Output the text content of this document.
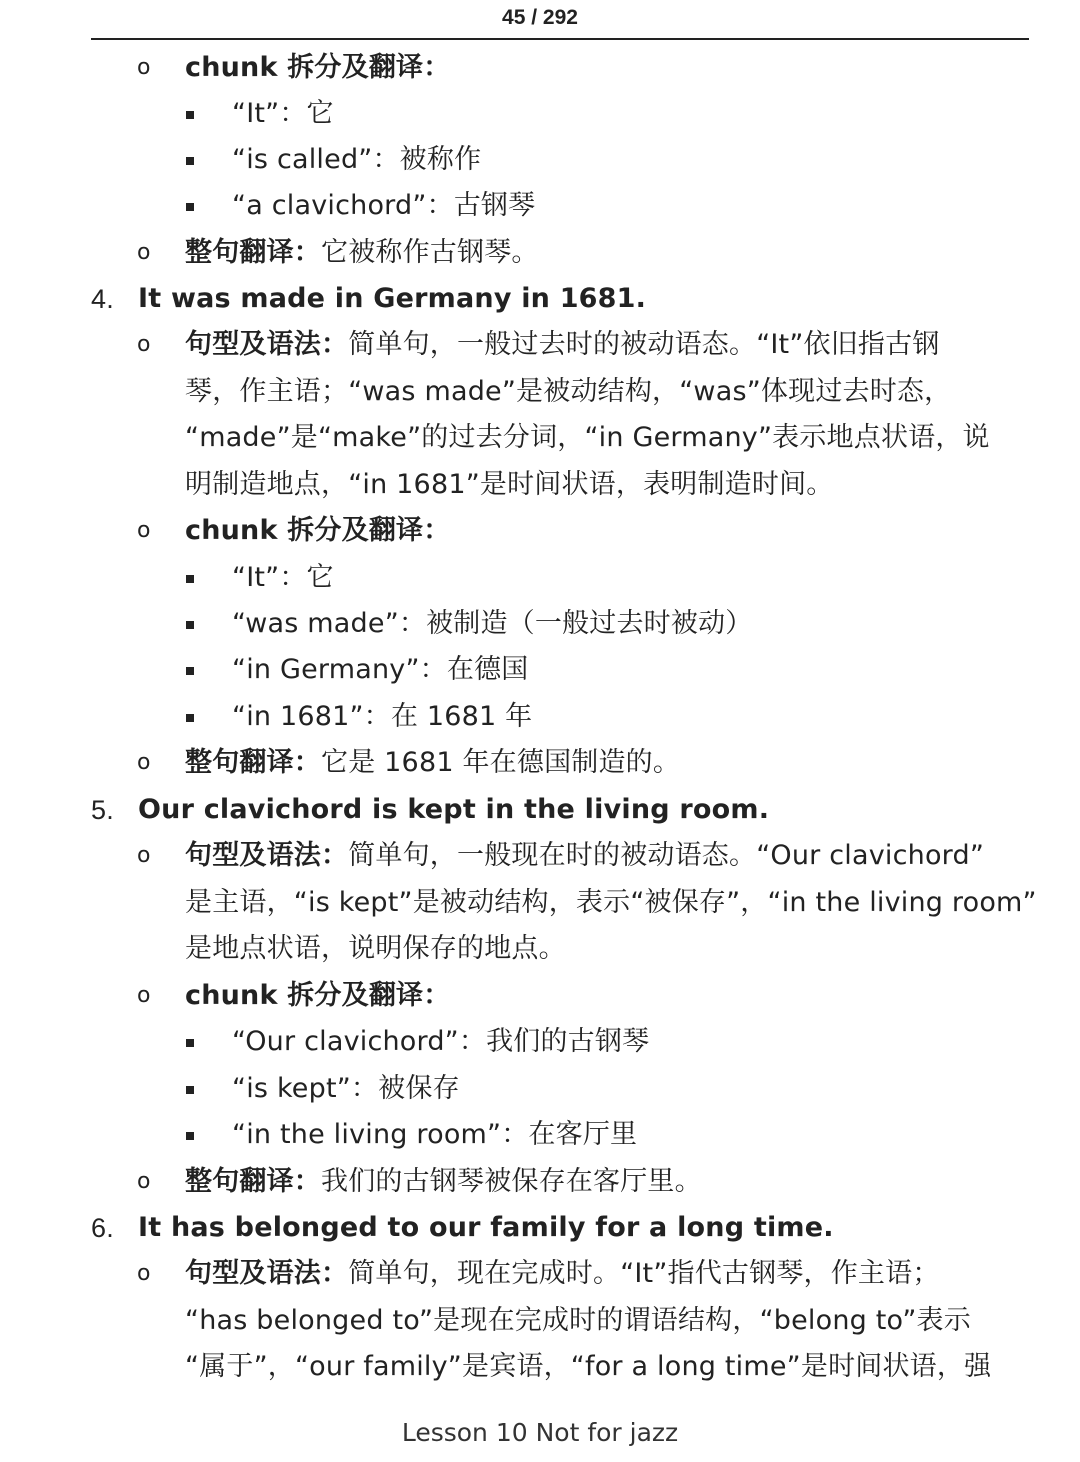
45 / 292
o chunk 拆分及翻译：
“It”：它
“is called”：被称作
“a clavichord”：古钢琴
o 整句翻译：它被称作古钢琴。
4. It was made in Germany in 1681.
o 句型及语法：简单句，一般过去时的被动语态。“It”依旧指古钢
琴，作主语；“was made”是被动结构，“was”体现过去时态，
“made”是“make”的过去分词，“in Germany”表示地点状语，说
明制造地点，“in 1681”是时间状语，表明制造时间。
o chunk 拆分及翻译：
“It”：它
“was made”：被制造（一般过去时被动）
“in Germany”：在德国
“in 1681”：在 1681 年
o 整句翻译：它是 1681 年在德国制造的。
5. Our clavichord is kept in the living room.
o 句型及语法：简单句，一般现在时的被动语态。“Our clavichord”
是主语，“is kept”是被动结构，表示“被保存”，“in the living room”
是地点状语，说明保存的地点。
o chunk 拆分及翻译：
“Our clavichord”：我们的古钢琴
“is kept”：被保存
“in the living room”：在客厅里
o 整句翻译：我们的古钢琴被保存在客厅里。
6. It has belonged to our family for a long time.
o 句型及语法：简单句，现在完成时。“It”指代古钢琴，作主语；
“has belonged to”是现在完成时的谓语结构，“belong to”表示
“属于”，“our family”是宾语，“for a long time”是时间状语，强
Lesson 10 Not for jazz
